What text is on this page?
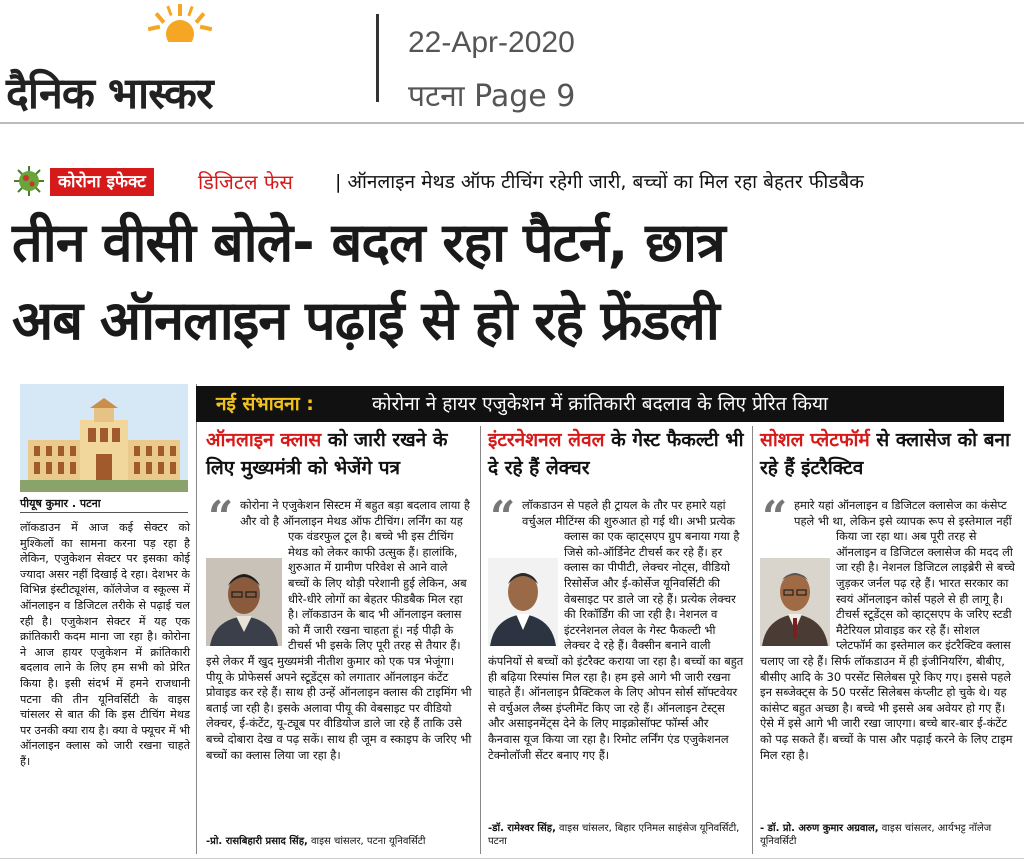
दैनिक भास्कर
22-Apr-2020
पटना Page 9
कोरोना इफेक्ट	डिजिटल फेस | ऑनलाइन मेथड ऑफ टीचिंग रहेगी जारी, बच्चों का मिल रहा बेहतर फीडबैक
तीन वीसी बोले- बदल रहा पैटर्न, छात्र
अब ऑनलाइन पढ़ाई से हो रहे फ्रेंडली
पीयूष कुमार . पटना
लॉकडाउन में आज कई सेक्टर को मुश्किलों का सामना करना पड़ रहा है लेकिन, एजुकेशन सेक्टर पर इसका कोई ज्यादा असर नहीं दिखाई दे रहा। देशभर के विभिन्न इंस्टीट्यूशंस, कॉलेजेज व स्कूल्स में ऑनलाइन व डिजिटल तरीके से पढ़ाई चल रही है। एजुकेशन सेक्टर में यह एक क्रांतिकारी कदम माना जा रहा है। कोरोना ने आज हायर एजुकेशन में क्रांतिकारी बदलाव लाने के लिए हम सभी को प्रेरित किया है। इसी संदर्भ में हमने राजधानी पटना की तीन यूनिवर्सिटी के वाइस चांसलर से बात की कि इस टीचिंग मेथड पर उनकी क्या राय है। क्या वे फ्यूचर में भी ऑनलाइन क्लास को जारी रखना चाहते हैं।
नई संभावना :	कोरोना ने हायर एजुकेशन में क्रांतिकारी बदलाव के लिए प्रेरित किया
ऑनलाइन क्लास को जारी रखने के लिए मुख्यमंत्री को भेजेंगे पत्र
“ कोरोना ने एजुकेशन सिस्टम में बहुत बड़ा बदलाव लाया है और वो है ऑनलाइन मेथड ऑफ टीचिंग। लर्निंग का यह एक वंडरफुल टूल है। बच्चे भी इस टीचिंग मेथड को लेकर काफी उत्सुक हैं। हालांकि, शुरुआत में ग्रामीण परिवेश से आने वाले बच्चों के लिए थोड़ी परेशानी हुई लेकिन, अब धीरे-धीरे लोगों का बेहतर फीडबैक मिल रहा है। लॉकडाउन के बाद भी ऑनलाइन क्लास को मैं जारी रखना चाहता हूं। नई पीढ़ी के टीचर्स भी इसके लिए पूरी तरह से तैयार हैं। इसे लेकर मैं खुद मुख्यमंत्री नीतीश कुमार को एक पत्र भेजूंगा। पीयू के प्रोफेसर्स अपने स्टूडेंट्स को लगातार ऑनलाइन कंटेंट प्रोवाइड कर रहे हैं। साथ ही उन्हें ऑनलाइन क्लास की टाइमिंग भी बताई जा रही है। इसके अलावा पीयू की वेबसाइट पर वीडियो लेक्चर, ई-कंटेंट, यू-ट्यूब पर वीडियोज डाले जा रहे हैं ताकि उसे बच्चे दोबारा देख व पढ़ सकें। साथ ही जूम व स्काइप के जरिए भी बच्चों का क्लास लिया जा रहा है।
-प्रो. रासबिहारी प्रसाद सिंह, वाइस चांसलर, पटना यूनिवर्सिटी
इंटरनेशनल लेवल के गेस्ट फैकल्टी भी दे रहे हैं लेक्चर
“ लॉकडाउन से पहले ही ट्रायल के तौर पर हमारे यहां वर्चुअल मीटिंग्स की शुरुआत हो गई थी। अभी प्रत्येक क्लास का एक व्हाट्सएप ग्रुप बनाया गया है जिसे को-ऑर्डिनेट टीचर्स कर रहे हैं। हर क्लास का पीपीटी, लेक्चर नोट्स, वीडियो रिसोर्सेज और ई-कोर्सेज यूनिवर्सिटी की वेबसाइट पर डाले जा रहे हैं। प्रत्येक लेक्चर की रिकॉर्डिंग की जा रही है। नेशनल व इंटरनेशनल लेवल के गेस्ट फैकल्टी भी लेक्चर दे रहे हैं। वैक्सीन बनाने वाली कंपनियों से बच्चों को इंटरैक्ट कराया जा रहा है। बच्चों का बहुत ही बढ़िया रिस्पांस मिल रहा है। हम इसे आगे भी जारी रखना चाहते हैं। ऑनलाइन प्रैक्टिकल के लिए ओपन सोर्स सॉफ्टवेयर से वर्चुअल लैब्स इंप्लीमेंट किए जा रहे हैं। ऑनलाइन टेस्ट्स और असाइनमेंट्स देने के लिए माइक्रोसॉफ्ट फॉर्म्स और कैनवास यूज किया जा रहा है। रिमोट लर्निंग एंड एजुकेशनल टेक्नोलॉजी सेंटर बनाए गए हैं।
-डॉ. रामेश्वर सिंह, वाइस चांसलर, बिहार एनिमल साइंसेज यूनिवर्सिटी, पटना
सोशल प्लेटफॉर्म से क्लासेज को बना रहे हैं इंटरैक्टिव
“ हमारे यहां ऑनलाइन व डिजिटल क्लासेज का कंसेप्ट पहले भी था, लेकिन इसे व्यापक रूप से इस्तेमाल नहीं किया जा रहा था। अब पूरी तरह से ऑनलाइन व डिजिटल क्लासेज की मदद ली जा रही है। नेशनल डिजिटल लाइब्रेरी से बच्चे जुड़कर जर्नल पढ़ रहे हैं। भारत सरकार का स्वयं ऑनलाइन कोर्स पहले से ही लागू है। टीचर्स स्टूडेंट्स को व्हाट्सएप के जरिए स्टडी मैटेरियल प्रोवाइड कर रहे हैं। सोशल प्लेटफॉर्म का इस्तेमाल कर इंटरैक्टिव क्लास चलाए जा रहे हैं। सिर्फ लॉकडाउन में ही इंजीनियरिंग, बीबीए, बीसीए आदि के 30 परसेंट सिलेबस पूरे किए गए। इससे पहले इन सब्जेक्ट्स के 50 परसेंट सिलेबस कंप्लीट हो चुके थे। यह कांसेप्ट बहुत अच्छा है। बच्चे भी इससे अब अवेयर हो गए हैं। ऐसे में इसे आगे भी जारी रखा जाएगा। बच्चे बार-बार ई-कंटेंट को पढ़ सकते हैं। बच्चों के पास और पढ़ाई करने के लिए टाइम मिल रहा है।
- डॉ. प्रो. अरुण कुमार अग्रवाल, वाइस चांसलर, आर्यभट्ट नॉलेज यूनिवर्सिटी
